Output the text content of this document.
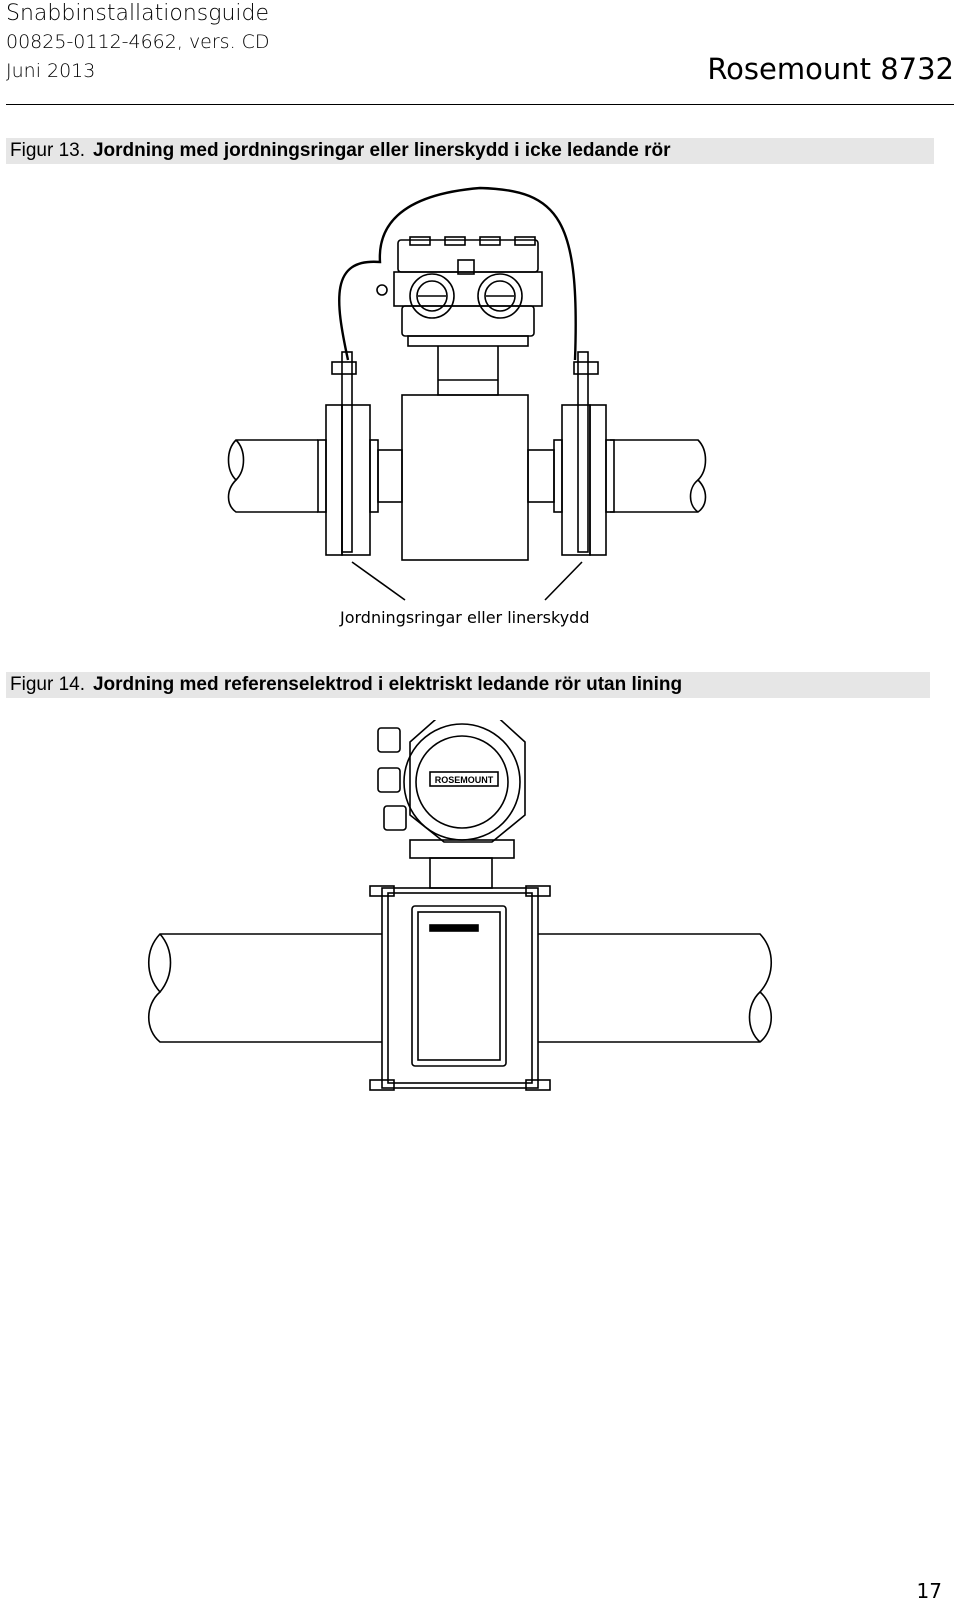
Snabbinstallationsguide
00825-0112-4662, vers. CD
Juni 2013	Rosemount 8732
Figur 13. Jordning med jordningsringar eller linerskydd i icke ledande rör
Jordningsringar eller linerskydd
Figur 14. Jordning med referenselektrod i elektriskt ledande rör utan lining
ROSEMOUNT
17
